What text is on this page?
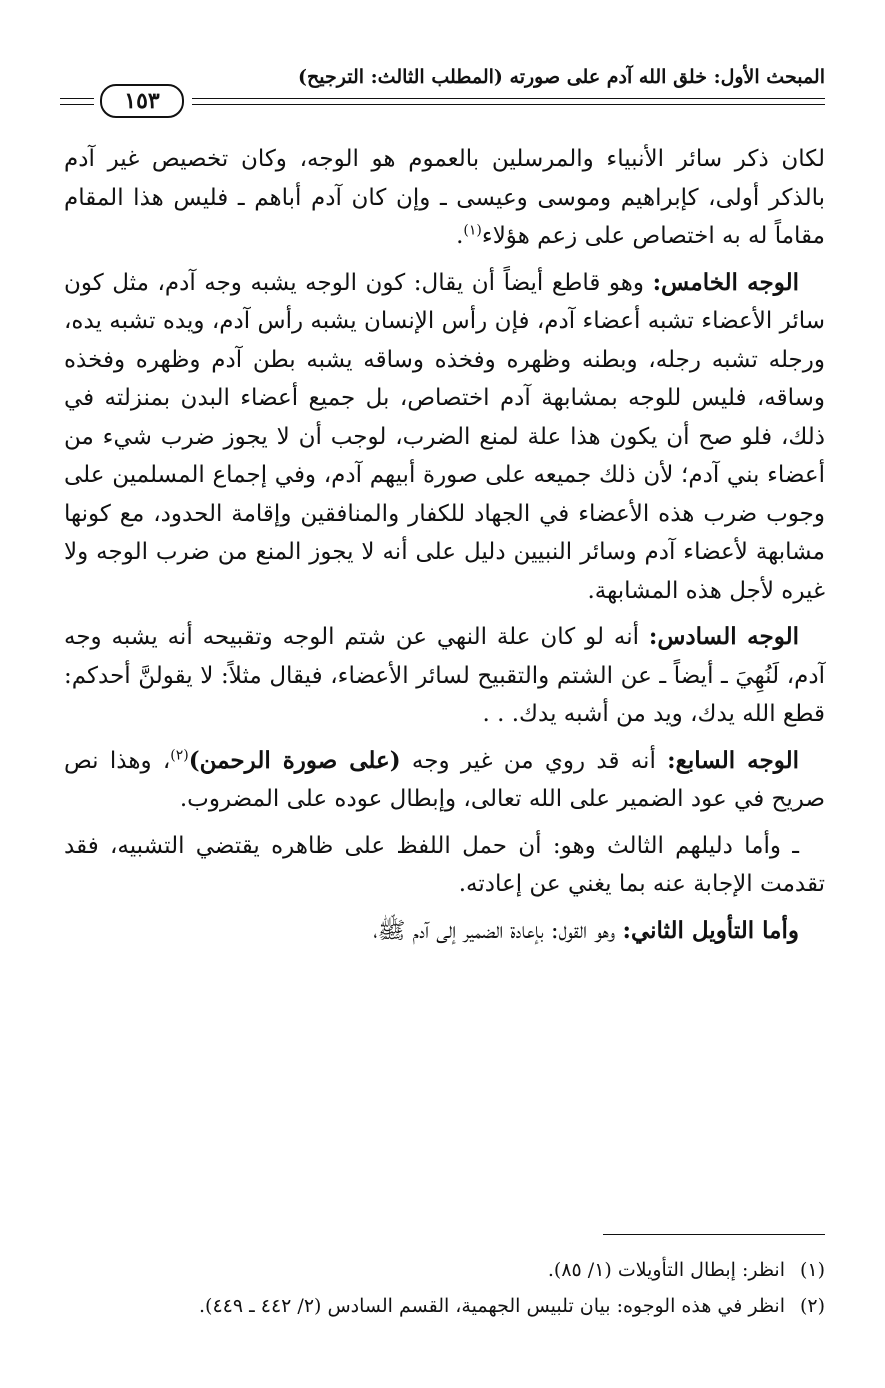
المبحث الأول: خلق الله آدم على صورته (المطلب الثالث: الترجيح)
١٥٣

لكان ذكر سائر الأنبياء والمرسلين بالعموم هو الوجه، وكان تخصيص غير آدم بالذكر أولى، كإبراهيم وموسى وعيسى ـ وإن كان آدم أباهم ـ فليس هذا المقام مقاماً له به اختصاص على زعم هؤلاء$^{(١)}$.

الوجه الخامس: وهو قاطع أيضاً أن يقال: كون الوجه يشبه وجه آدم، مثل كون سائر الأعضاء تشبه أعضاء آدم، فإن رأس الإنسان يشبه رأس آدم، ويده تشبه يده، ورجله تشبه رجله، وبطنه وظهره وفخذه وساقه يشبه بطن آدم وظهره وفخذه وساقه، فليس للوجه بمشابهة آدم اختصاص، بل جميع أعضاء البدن بمنزلته في ذلك، فلو صح أن يكون هذا علة لمنع الضرب، لوجب أن لا يجوز ضرب شيء من أعضاء بني آدم؛ لأن ذلك جميعه على صورة أبيهم آدم، وفي إجماع المسلمين على وجوب ضرب هذه الأعضاء في الجهاد للكفار والمنافقين وإقامة الحدود، مع كونها مشابهة لأعضاء آدم وسائر النبيين دليل على أنه لا يجوز المنع من ضرب الوجه ولا غيره لأجل هذه المشابهة.

الوجه السادس: أنه لو كان علة النهي عن شتم الوجه وتقبيحه أنه يشبه وجه آدم، لَنُهِيَ ـ أيضاً ـ عن الشتم والتقبيح لسائر الأعضاء، فيقال مثلاً: لا يقولنَّ أحدكم: قطع الله يدك، ويد من أشبه يدك. . .

الوجه السابع: أنه قد روي من غير وجه (على صورة الرحمن)$^{(٢)}$، وهذا نص صريح في عود الضمير على الله تعالى، وإبطال عوده على المضروب.

ـ وأما دليلهم الثالث وهو: أن حمل اللفظ على ظاهره يقتضي التشبيه، فقد تقدمت الإجابة عنه بما يغني عن إعادته.

وأما التأويل الثاني: وهو القول: بإعادة الضمير إلى آدم ﷺ،

(١)انظر: إبطال التأويلات (١/ ٨٥).
(٢)انظر في هذه الوجوه: بيان تلبيس الجهمية، القسم السادس (٢/ ٤٤٢ ـ ٤٤٩).
